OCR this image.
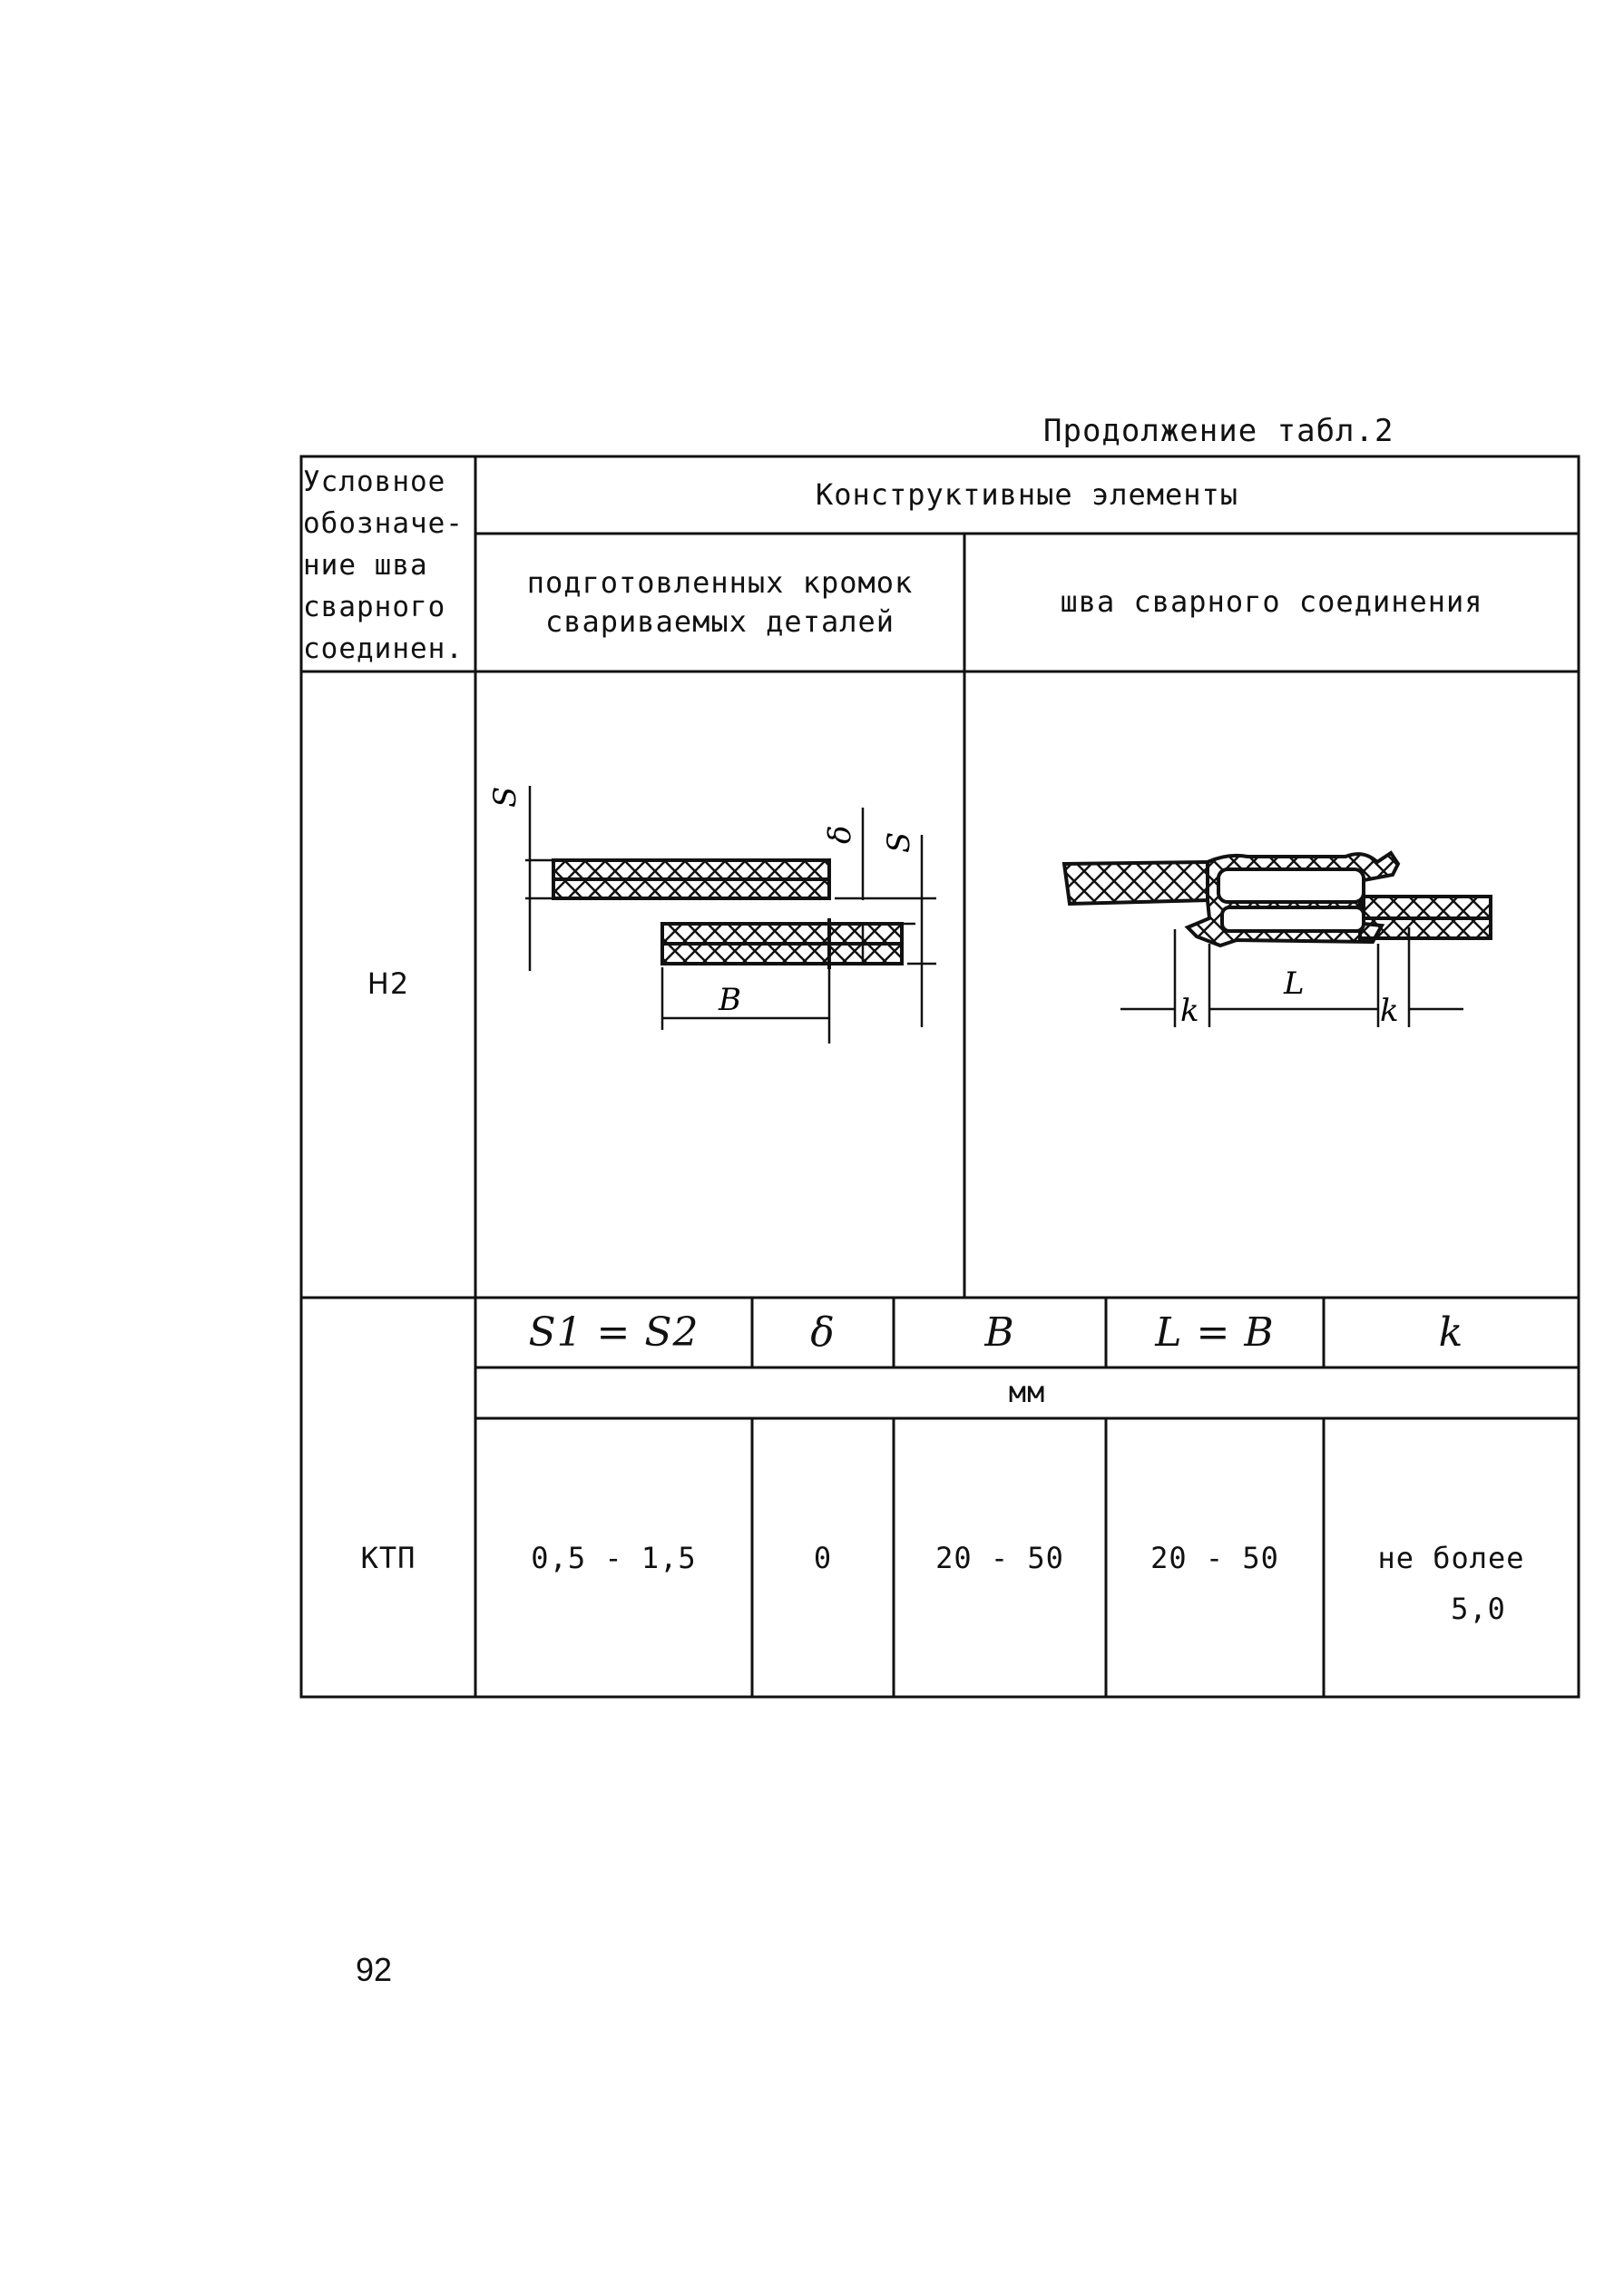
Продолжение табл.2
Условное
обозначе-
ние шва
сварного
соединен.
Конструктивные элементы
подготовленных кромок
свариваемых деталей
шва сварного соединения
Н2
S
δ S
B	k
L
k
S1 = S2	δ	B	L = B	k
мм
КТП	0,5 - 1,5	0	20 - 50	20 - 50	не более
5,0
92
